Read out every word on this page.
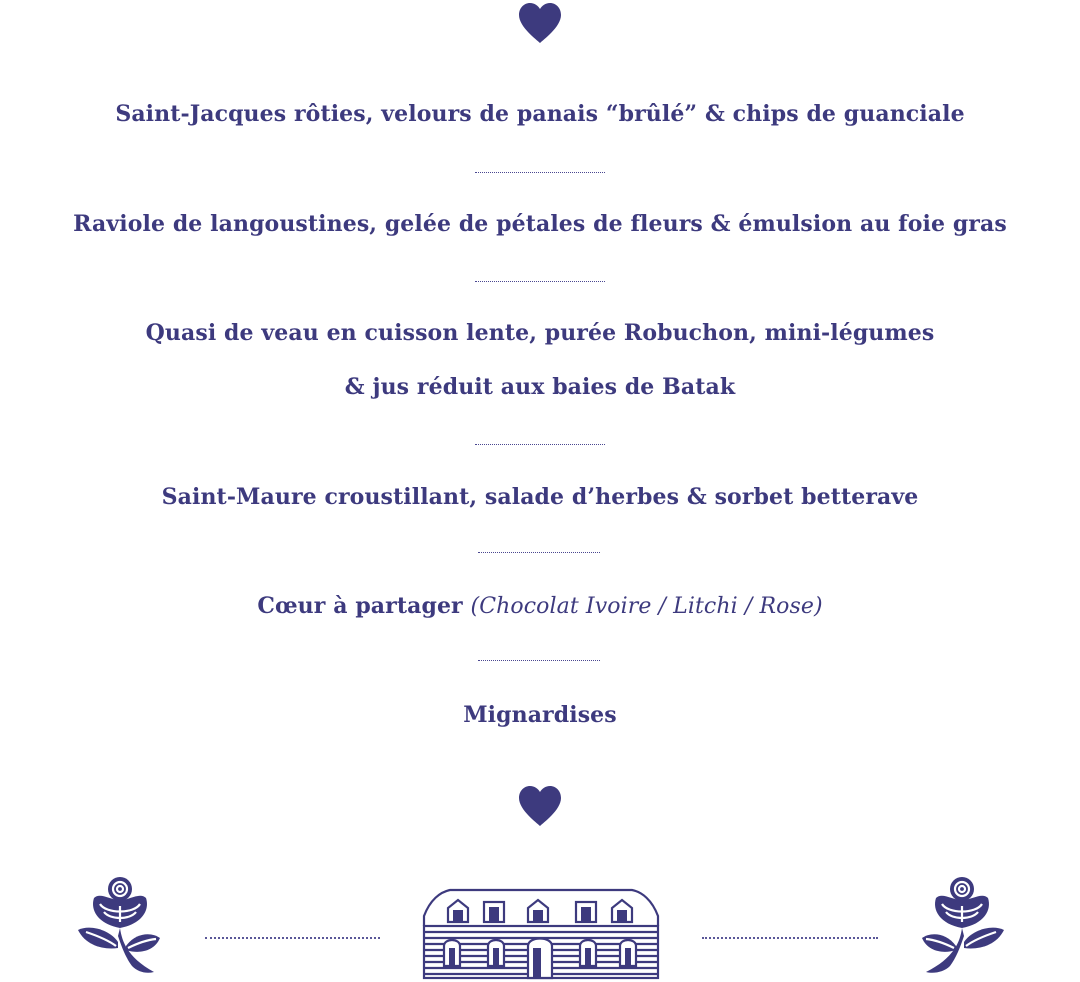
Saint-Jacques rôties, velours de panais “brûlé” & chips de guanciale
Raviole de langoustines, gelée de pétales de fleurs & émulsion au foie gras
Quasi de veau en cuisson lente, purée Robuchon, mini-légumes
& jus réduit aux baies de Batak
Saint-Maure croustillant, salade d’herbes & sorbet betterave
Cœur à partager (Chocolat Ivoire / Litchi / Rose)
Mignardises
